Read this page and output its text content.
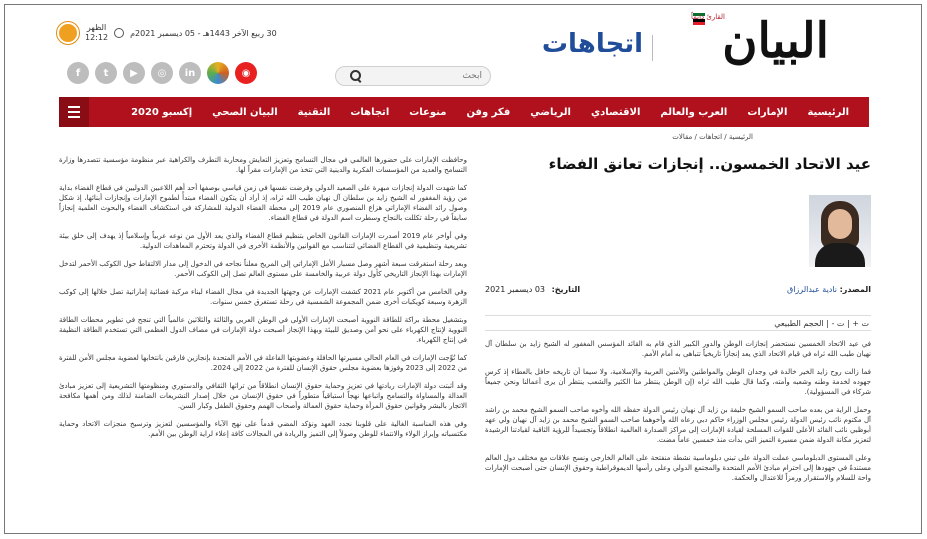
القارئ دائماً
البيان
اتجاهات
ابحث
30 ربيع الآخر 1443هـ - 05 ديسمبر 2021م
الظهر
12:12
f	t	▶	◎	in	◉
الرئيسية
الإمارات
العرب والعالم
الاقتصادي
الرياضي
فكر وفن
منوعات
اتجاهات
التقنية
البيان الصحي
إكسبو 2020
الرئيسية / اتجاهات / مقالات
عيد الاتحاد الخمسون.. إنجازات تعانق الفضاء
المصدر: نادية عبدالرزاق
التاريخ: 03 ديسمبر 2021
ت + | ت - | الحجم الطبيعي

في عيد الاتحاد الخمسين نستحضر إنجازات الوطن والدور الكبير الذي قام به القائد المؤسس المغفور له الشيخ زايد بن سلطان آل نهيان طيب الله ثراه في قيام الاتحاد الذي يعد إنجازاً تاريخياً تتباهى به أمام الأمم.

فما زالت روح زايد الخير خالدة في وجدان الوطن والمواطنين والأمتين العربية والإسلامية، ولا سيما أن تاريخه حافل بالعطاء إذ كرس جهوده لخدمة وطنه وشعبه وأمته، وكما قال طيب الله ثراه (إن الوطن ينتظر منا الكثير والشعب ينتظر أن يرى أعمالنا ونحن جميعاً شركاء في المسؤولية).

وحمل الراية من بعده صاحب السمو الشيخ خليفة بن زايد آل نهيان رئيس الدولة حفظه الله وأخوه صاحب السمو الشيخ محمد بن راشد آل مكتوم نائب رئيس الدولة رئيس مجلس الوزراء حاكم دبي رعاه الله وأخوهما صاحب السمو الشيخ محمد بن زايد آل نهيان ولي عهد أبوظبي نائب القائد الأعلى للقوات المسلحة لقيادة الإمارات إلى مراكز الصدارة العالمية انطلاقاً وتجسيداً للرؤية الثاقبة لقيادتنا الرشيدة لتعزيز مكانة الدولة ضمن مسيرة التميز التي بدأت منذ خمسين عاماً مضت.

وعلى المستوى الدبلوماسي عملت الدولة على تبني دبلوماسية نشطة منفتحة على العالم الخارجي ونسج علاقات مع مختلف دول العالم مستندةً في جهودها إلى احترام مبادئ الأمم المتحدة والمجتمع الدولي وعلى رأسها الديموقراطية وحقوق الإنسان حتى أصبحت الإمارات واحة للسلام والاستقرار ورمزاً للاعتدال والحكمة.

وحافظت الإمارات على حضورها العالمي في مجال التسامح وتعزيز التعايش ومحاربة التطرف والكراهية عبر منظومة مؤسسية تتصدرها وزارة التسامح والعديد من المؤسسات الفكرية والدينية التي تتخذ من الإمارات مقراً لها.

كما شهدت الدولة إنجازات مبهرة على الصعيد الدولي وفرضت نفسها في زمن قياسي بوصفها أحد أهم اللاعبين الدوليين في قطاع الفضاء بداية من رؤية المغفور له الشيخ زايد بن سلطان آل نهيان طيب الله ثراه، إذ أراد أن يتكون الفضاء مبتدأً لطموح الإمارات وإنجازات أبنائها، إذ شكل وصول رائد الفضاء الإماراتي هزاع المنصوري عام 2019 إلى محطة الفضاء الدولية للمشاركة في استكشاف الفضاء والبحوث العلمية إنجازاً سابقاً في رحلة تكللت بالنجاح وسطرت اسم الدولة في قطاع الفضاء.

وفي أواخر عام 2019 أصدرت الإمارات القانون الخاص بتنظيم قطاع الفضاء والذي يعد الأول من نوعه عربياً وإسلامياً إذ يهدف إلى خلق بيئة تشريعية وتنظيمية في القطاع الفضائي لتتناسب مع القوانين والأنظمة الأخرى في الدولة وتحترم المعاهدات الدولية.

وبعد رحلة استغرقت سبعة أشهر وصل مسبار الأمل الإماراتي إلى المريخ معلناً نجاحه في الدخول إلى مدار الالتقاط حول الكوكب الأحمر لتدخل الإمارات بهذا الإنجاز التاريخي كأول دولة عربية والخامسة على مستوى العالم تصل إلى الكوكب الأحمر.

وفي الخامس من أكتوبر عام 2021 كشفت الإمارات عن وجهتها الجديدة في مجال الفضاء لبناء مركبة فضائية إماراتية تصل خلالها إلى كوكب الزهرة وسبعة كويكبات أخرى ضمن المجموعة الشمسية في رحلة تستغرق خمس سنوات.

وبتشغيل محطة براكة للطاقة النووية أصبحت الإمارات الأولى في الوطن العربي والثالثة والثلاثين عالمياً التي تنجح في تطوير محطات الطاقة النووية لإنتاج الكهرباء على نحو آمن وصديق للبيئة وبهذا الإنجاز أصبحت دولة الإمارات في مصاف الدول العظمى التي تستخدم الطاقة النظيفة في إنتاج الكهرباء.

كما تُوِّجت الإمارات في العام الحالي مسيرتها الحافلة وعضويتها الفاعلة في الأمم المتحدة بإنجازين فارقين بانتخابها لعضوية مجلس الأمن للفترة من 2022 إلى 2023 وفوزها بعضوية مجلس حقوق الإنسان للفترة من 2022 إلى 2024.

وقد أثبتت دولة الإمارات ريادتها في تعزيز وحماية حقوق الإنسان انطلاقاً من تراثها الثقافي والدستوري ومنظومتها التشريعية إلى تعزيز مبادئ العدالة والمساواة والتسامح واتباعها نهجاً استباقياً متطوراً في حقوق الإنسان من خلال إصدار التشريعات الضامنة لذلك ومن أهمها مكافحة الاتجار بالبشر وقوانين حقوق المرأة وحماية حقوق العمالة وأصحاب الهمم وحقوق الطفل وكبار السن.

وفي هذه المناسبة الغالية على قلوبنا نجدد العهد ونؤكد المضي قدماً على نهج الآباء والمؤسسين لتعزيز وترسيخ منجزات الاتحاد وحماية مكتسباته وإبراز الولاء والانتماء للوطن وصولاً إلى التميز والريادة في المجالات كافة إعلاء لراية الوطن بين الأمم.
